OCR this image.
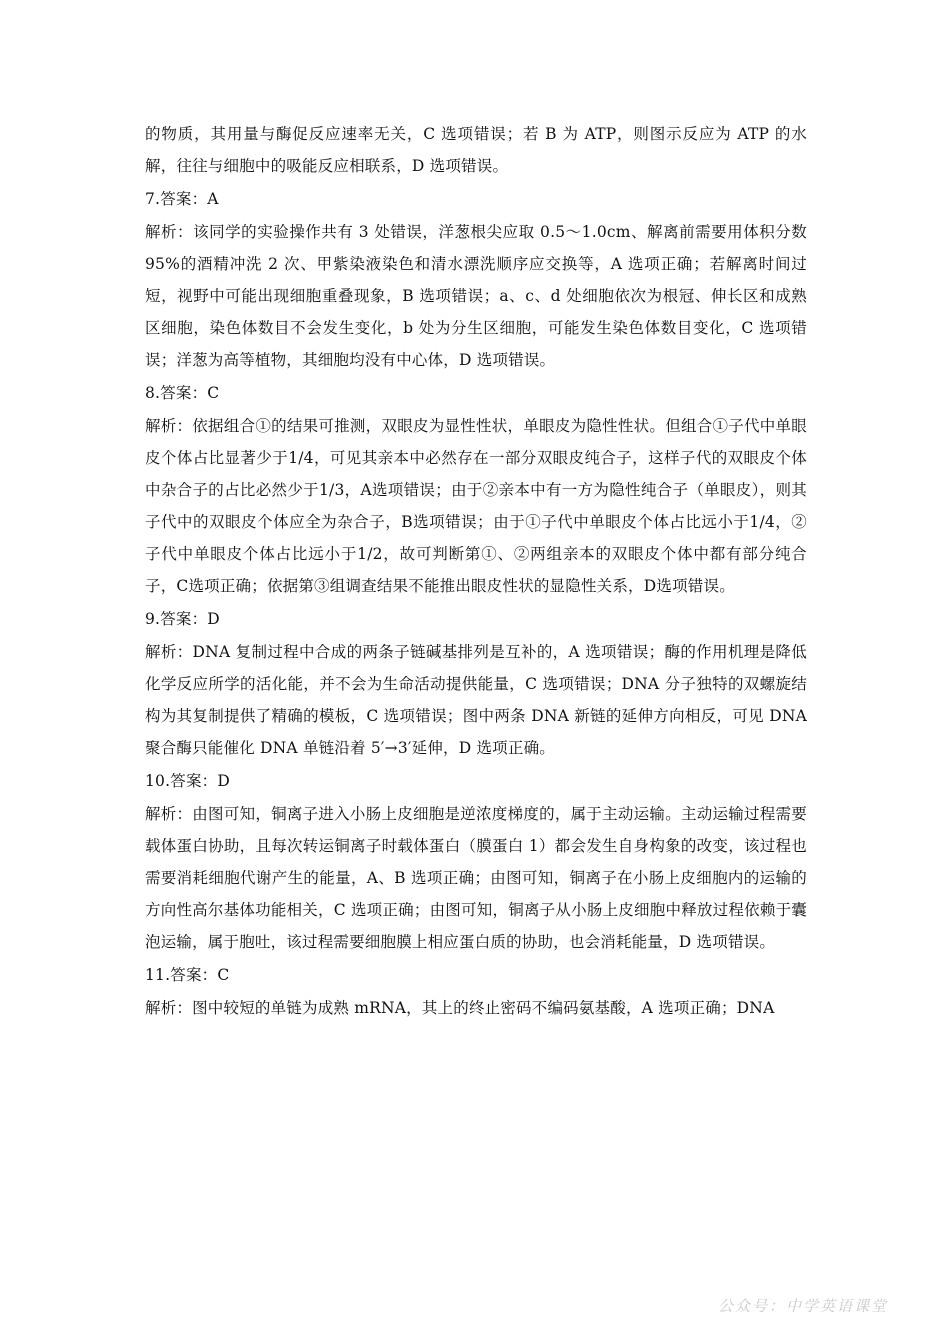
的物质，其用量与酶促反应速率无关，C 选项错误；若 B 为 ATP，则图示反应为 ATP 的水解，往往与细胞中的吸能反应相联系，D 选项错误。

7.答案：A

解析：该同学的实验操作共有 3 处错误，洋葱根尖应取 0.5～1.0cm、解离前需要用体积分数 95%的酒精冲洗 2 次、甲紫染液染色和清水漂洗顺序应交换等，A 选项正确；若解离时间过短，视野中可能出现细胞重叠现象，B 选项错误；a、c、d 处细胞依次为根冠、伸长区和成熟区细胞，染色体数目不会发生变化，b 处为分生区细胞，可能发生染色体数目变化，C 选项错误；洋葱为高等植物，其细胞均没有中心体，D 选项错误。

8.答案：C

解析：依据组合①的结果可推测，双眼皮为显性性状，单眼皮为隐性性状。但组合①子代中单眼皮个体占比显著少于1/4，可见其亲本中必然存在一部分双眼皮纯合子，这样子代的双眼皮个体中杂合子的占比必然少于1/3，A选项错误；由于②亲本中有一方为隐性纯合子（单眼皮），则其子代中的双眼皮个体应全为杂合子，B选项错误；由于①子代中单眼皮个体占比远小于1/4，②子代中单眼皮个体占比远小于1/2，故可判断第①、②两组亲本的双眼皮个体中都有部分纯合子，C选项正确；依据第③组调查结果不能推出眼皮性状的显隐性关系，D选项错误。

9.答案：D

解析：DNA 复制过程中合成的两条子链碱基排列是互补的，A 选项错误；酶的作用机理是降低化学反应所学的活化能，并不会为生命活动提供能量，C 选项错误；DNA 分子独特的双螺旋结构为其复制提供了精确的模板，C 选项错误；图中两条 DNA 新链的延伸方向相反，可见 DNA 聚合酶只能催化 DNA 单链沿着 5′→3′延伸，D 选项正确。

10.答案：D

解析：由图可知，铜离子进入小肠上皮细胞是逆浓度梯度的，属于主动运输。主动运输过程需要载体蛋白协助，且每次转运铜离子时载体蛋白（膜蛋白 1）都会发生自身构象的改变，该过程也需要消耗细胞代谢产生的能量，A、B 选项正确；由图可知，铜离子在小肠上皮细胞内的运输的方向性高尔基体功能相关，C 选项正确；由图可知，铜离子从小肠上皮细胞中释放过程依赖于囊泡运输，属于胞吐，该过程需要细胞膜上相应蛋白质的协助，也会消耗能量，D 选项错误。

11.答案：C

解析：图中较短的单链为成熟 mRNA，其上的终止密码不编码氨基酸，A 选项正确；DNA

公众号：中学英语课堂
